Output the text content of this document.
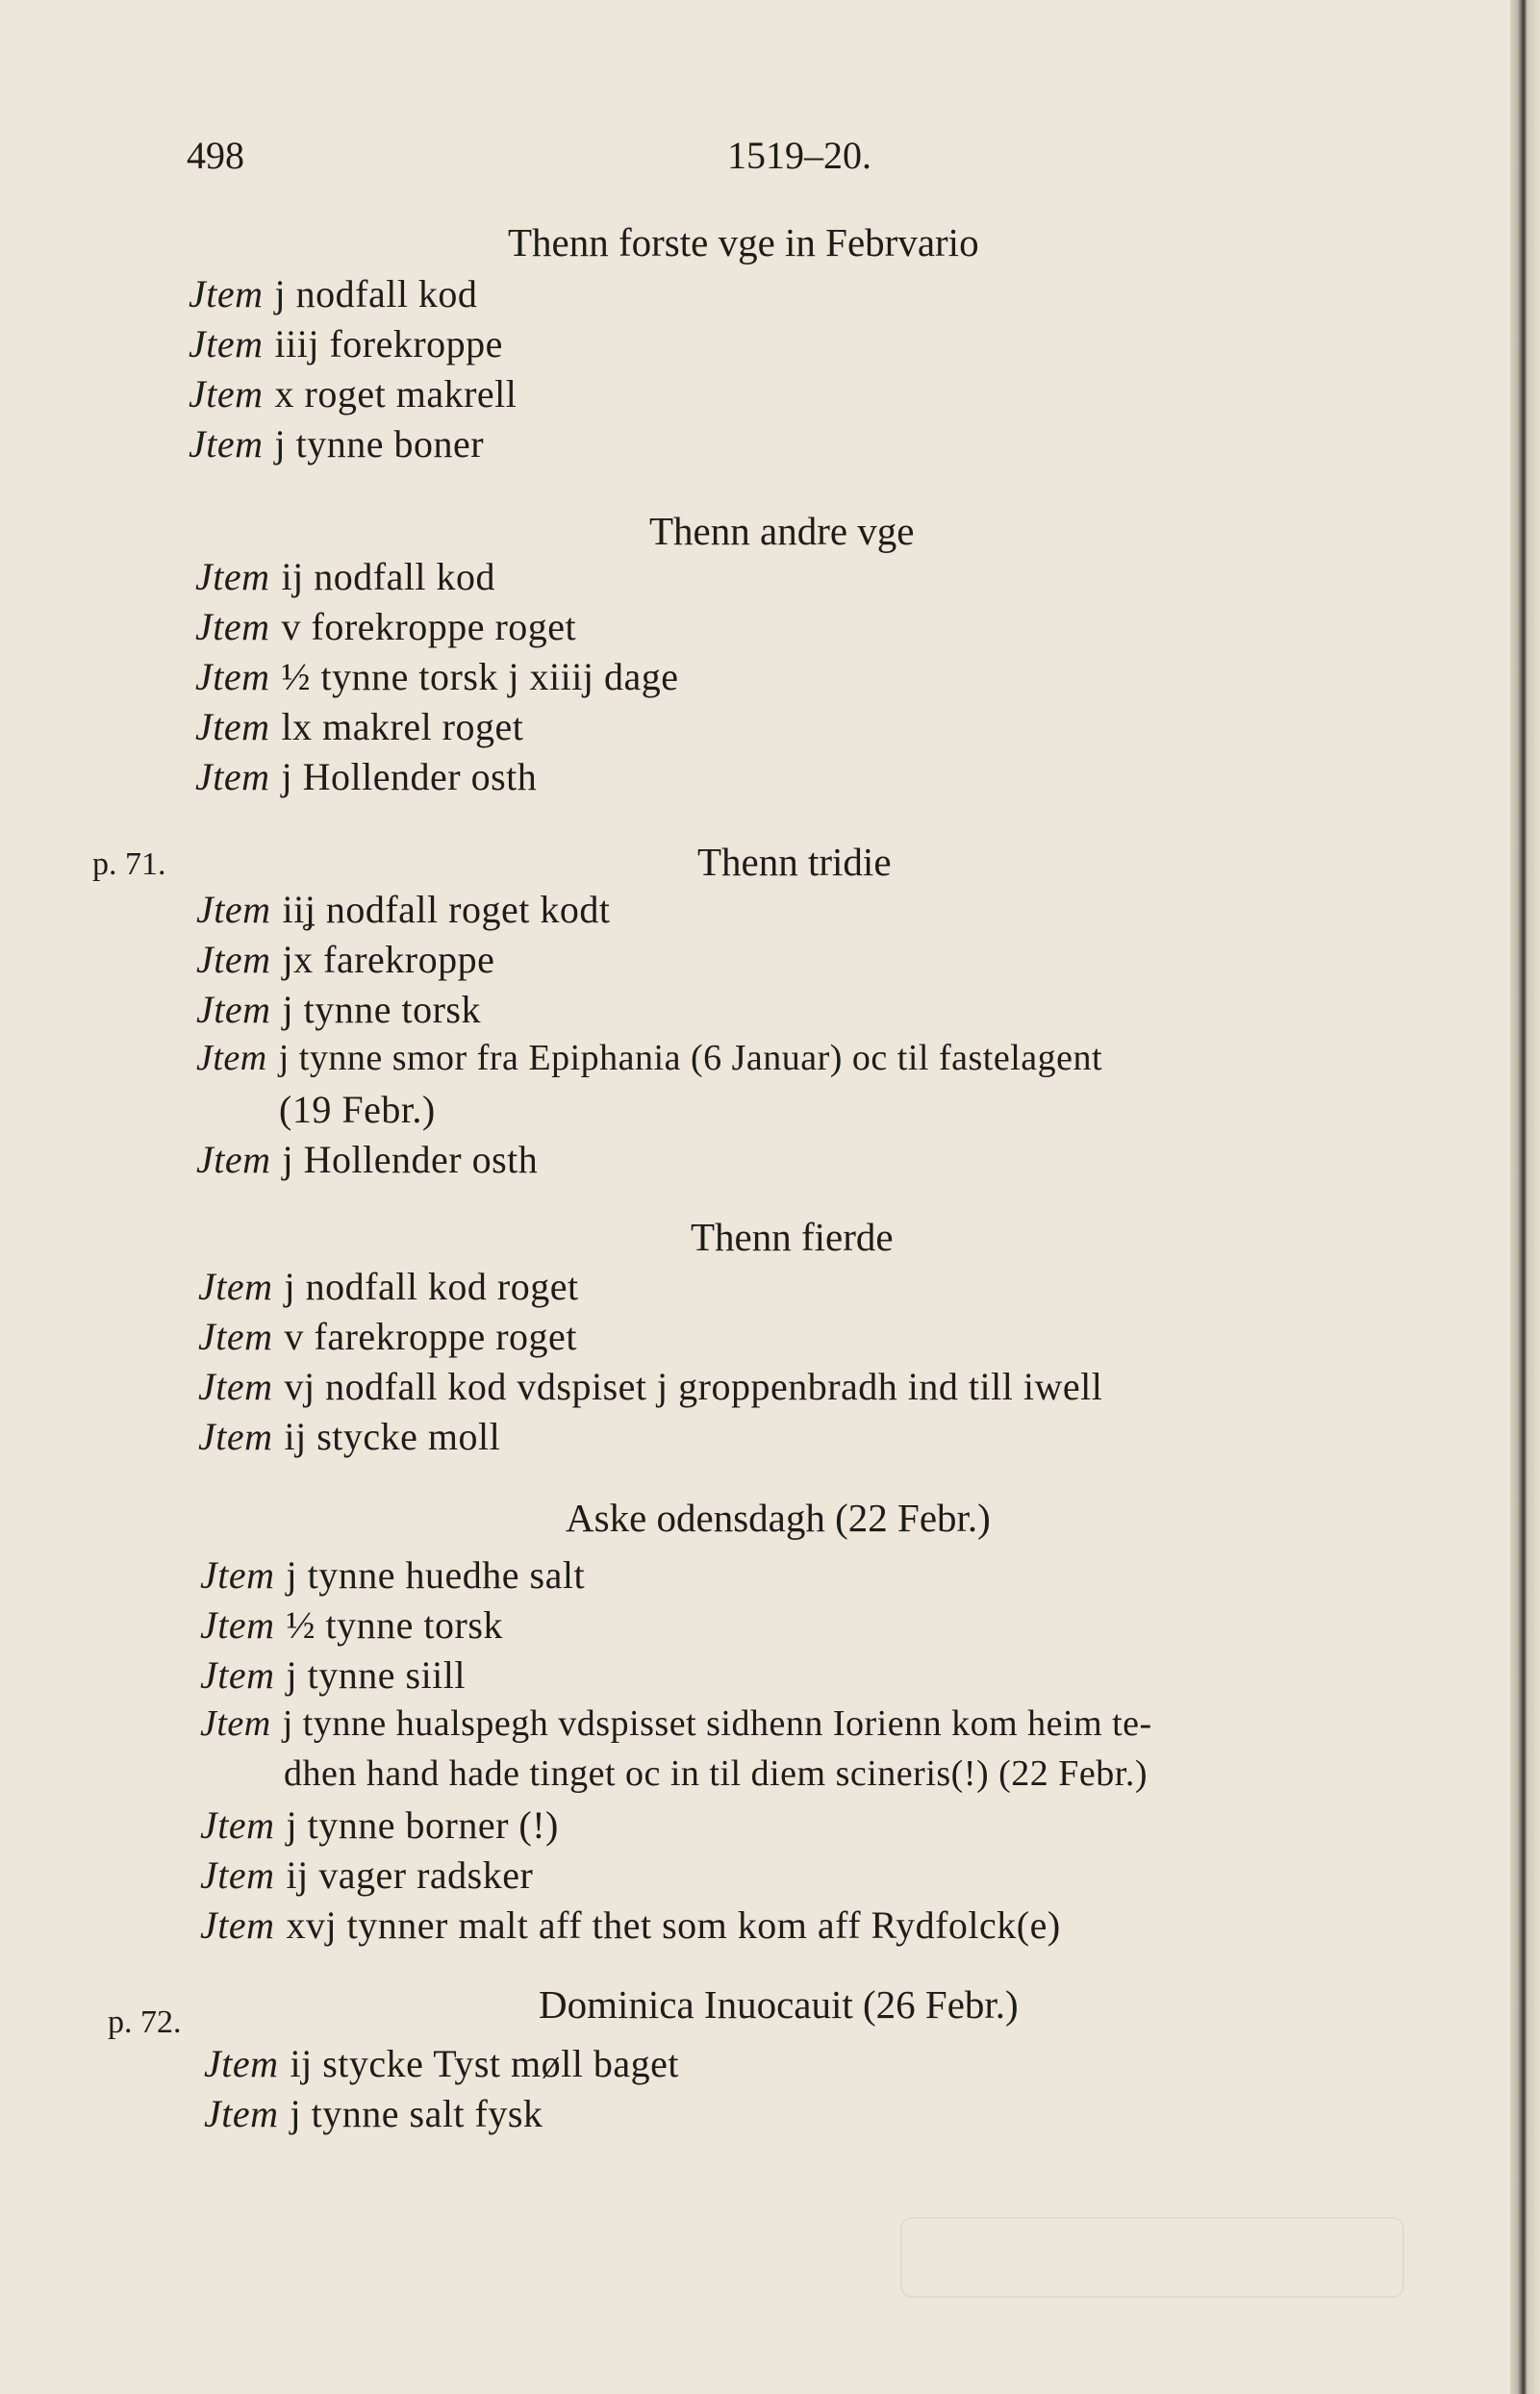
498	1519–20.
Thenn forste vge in Febrvario
Jtem j nodfall kod
Jtem iiij forekroppe
Jtem x roget makrell
Jtem j tynne boner
Thenn andre vge
Jtem ij nodfall kod
Jtem v forekroppe roget
Jtem ½ tynne torsk j xiiij dage
Jtem lx makrel roget
Jtem j Hollender osth
p. 71.	Thenn tridie
Jtem iiʝ nodfall roget kodt
Jtem jx farekroppe
Jtem j tynne torsk
Jtem j tynne smor fra Epiphania (6 Januar) oc til fastelagent
(19 Febr.)
Jtem j Hollender osth
Thenn fierde
Jtem j nodfall kod roget
Jtem v farekroppe roget
Jtem vj nodfall kod vdspiset j groppenbradh ind till iwell
Jtem ij stycke moll
Aske odensdagh (22 Febr.)
Jtem j tynne huedhe salt
Jtem ½ tynne torsk
Jtem j tynne siill
Jtem j tynne hualspegh vdspisset sidhenn Iorienn kom heim te-
dhen hand hade tinget oc in til diem scineris(!) (22 Febr.)
Jtem j tynne borner (!)
Jtem ij vager radsker
Jtem xvj tynner malt aff thet som kom aff Rydfolck(e)
p. 72.	Dominica Inuocauit (26 Febr.)
Jtem ij stycke Tyst møll baget
Jtem j tynne salt fysk
